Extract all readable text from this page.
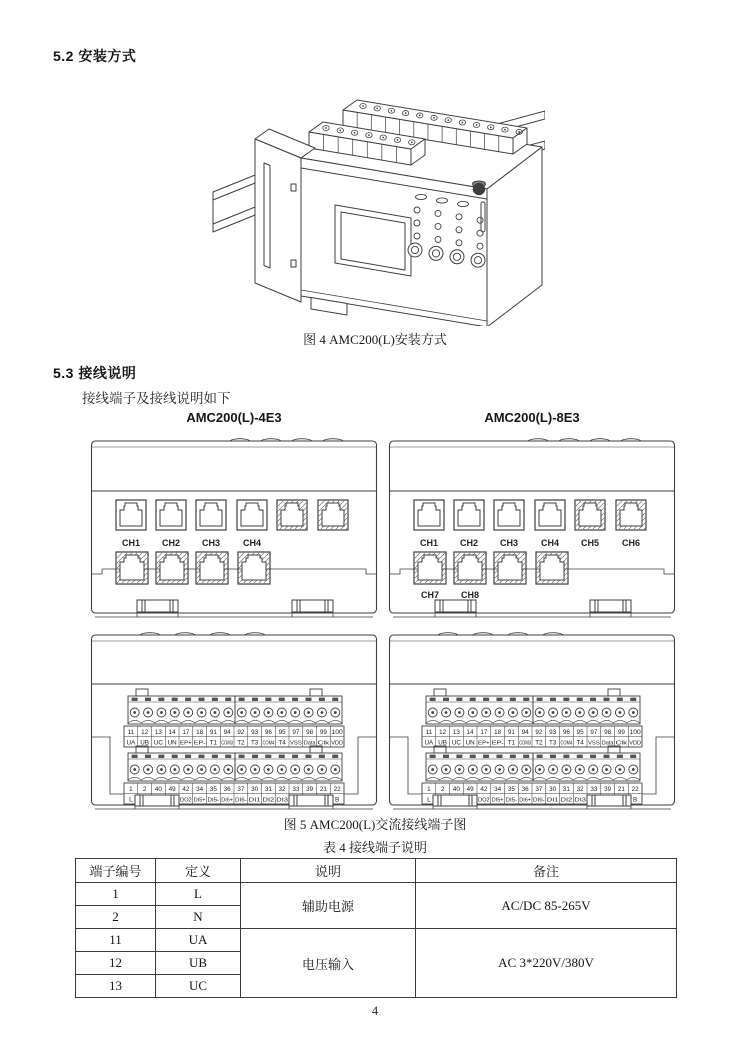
5.2 安装方式
图 4 AMC200(L)安装方式
5.3 接线说明
接线端子及接线说明如下
AMC200(L)-4E3	AMC200(L)-8E3
CH1 CH2 CH3	CH4	CH1 CH2 CH3	CH4 CH5	CH6
CH7 CH8
11
UA
12
UB
13
UC
14
UN
17
EP+
18
EP-
91
T1
94
COM3
92
T2
93
T3
96
COM4
95
T4
97
VSS
98
Data
99
Clk
100
VDD
1
L
2 40 49 42
DO2
34
DI5+
35
DI5-
36
DI6+
37
DI6-
30
DI1
31
DI2
32
DI3
33 39 21 22
B
11
UA
12
UB
13
UC
14
UN
17
EP+
18
EP-
91
T1
94
COM3
92
T2
93
T3
96
COM4
95
T4
97
VSS
98
Data
99
Clk
100
VDD
1
L
2 40 49 42
DO2
34
DI5+
35
DI5-
36
DI6+
37
DI6-
30
DI1
31
DI2
32
DI3
33 39 21 22
B
图 5 AMC200(L)交流接线端子图
表 4 接线端子说明
端子编号	定义	说明	备注
1	L	辅助电源	AC/DC 85-265V
2	N		
11	UA	电压输入	AC 3*220V/380V
12	UB		
13	UC		
4
